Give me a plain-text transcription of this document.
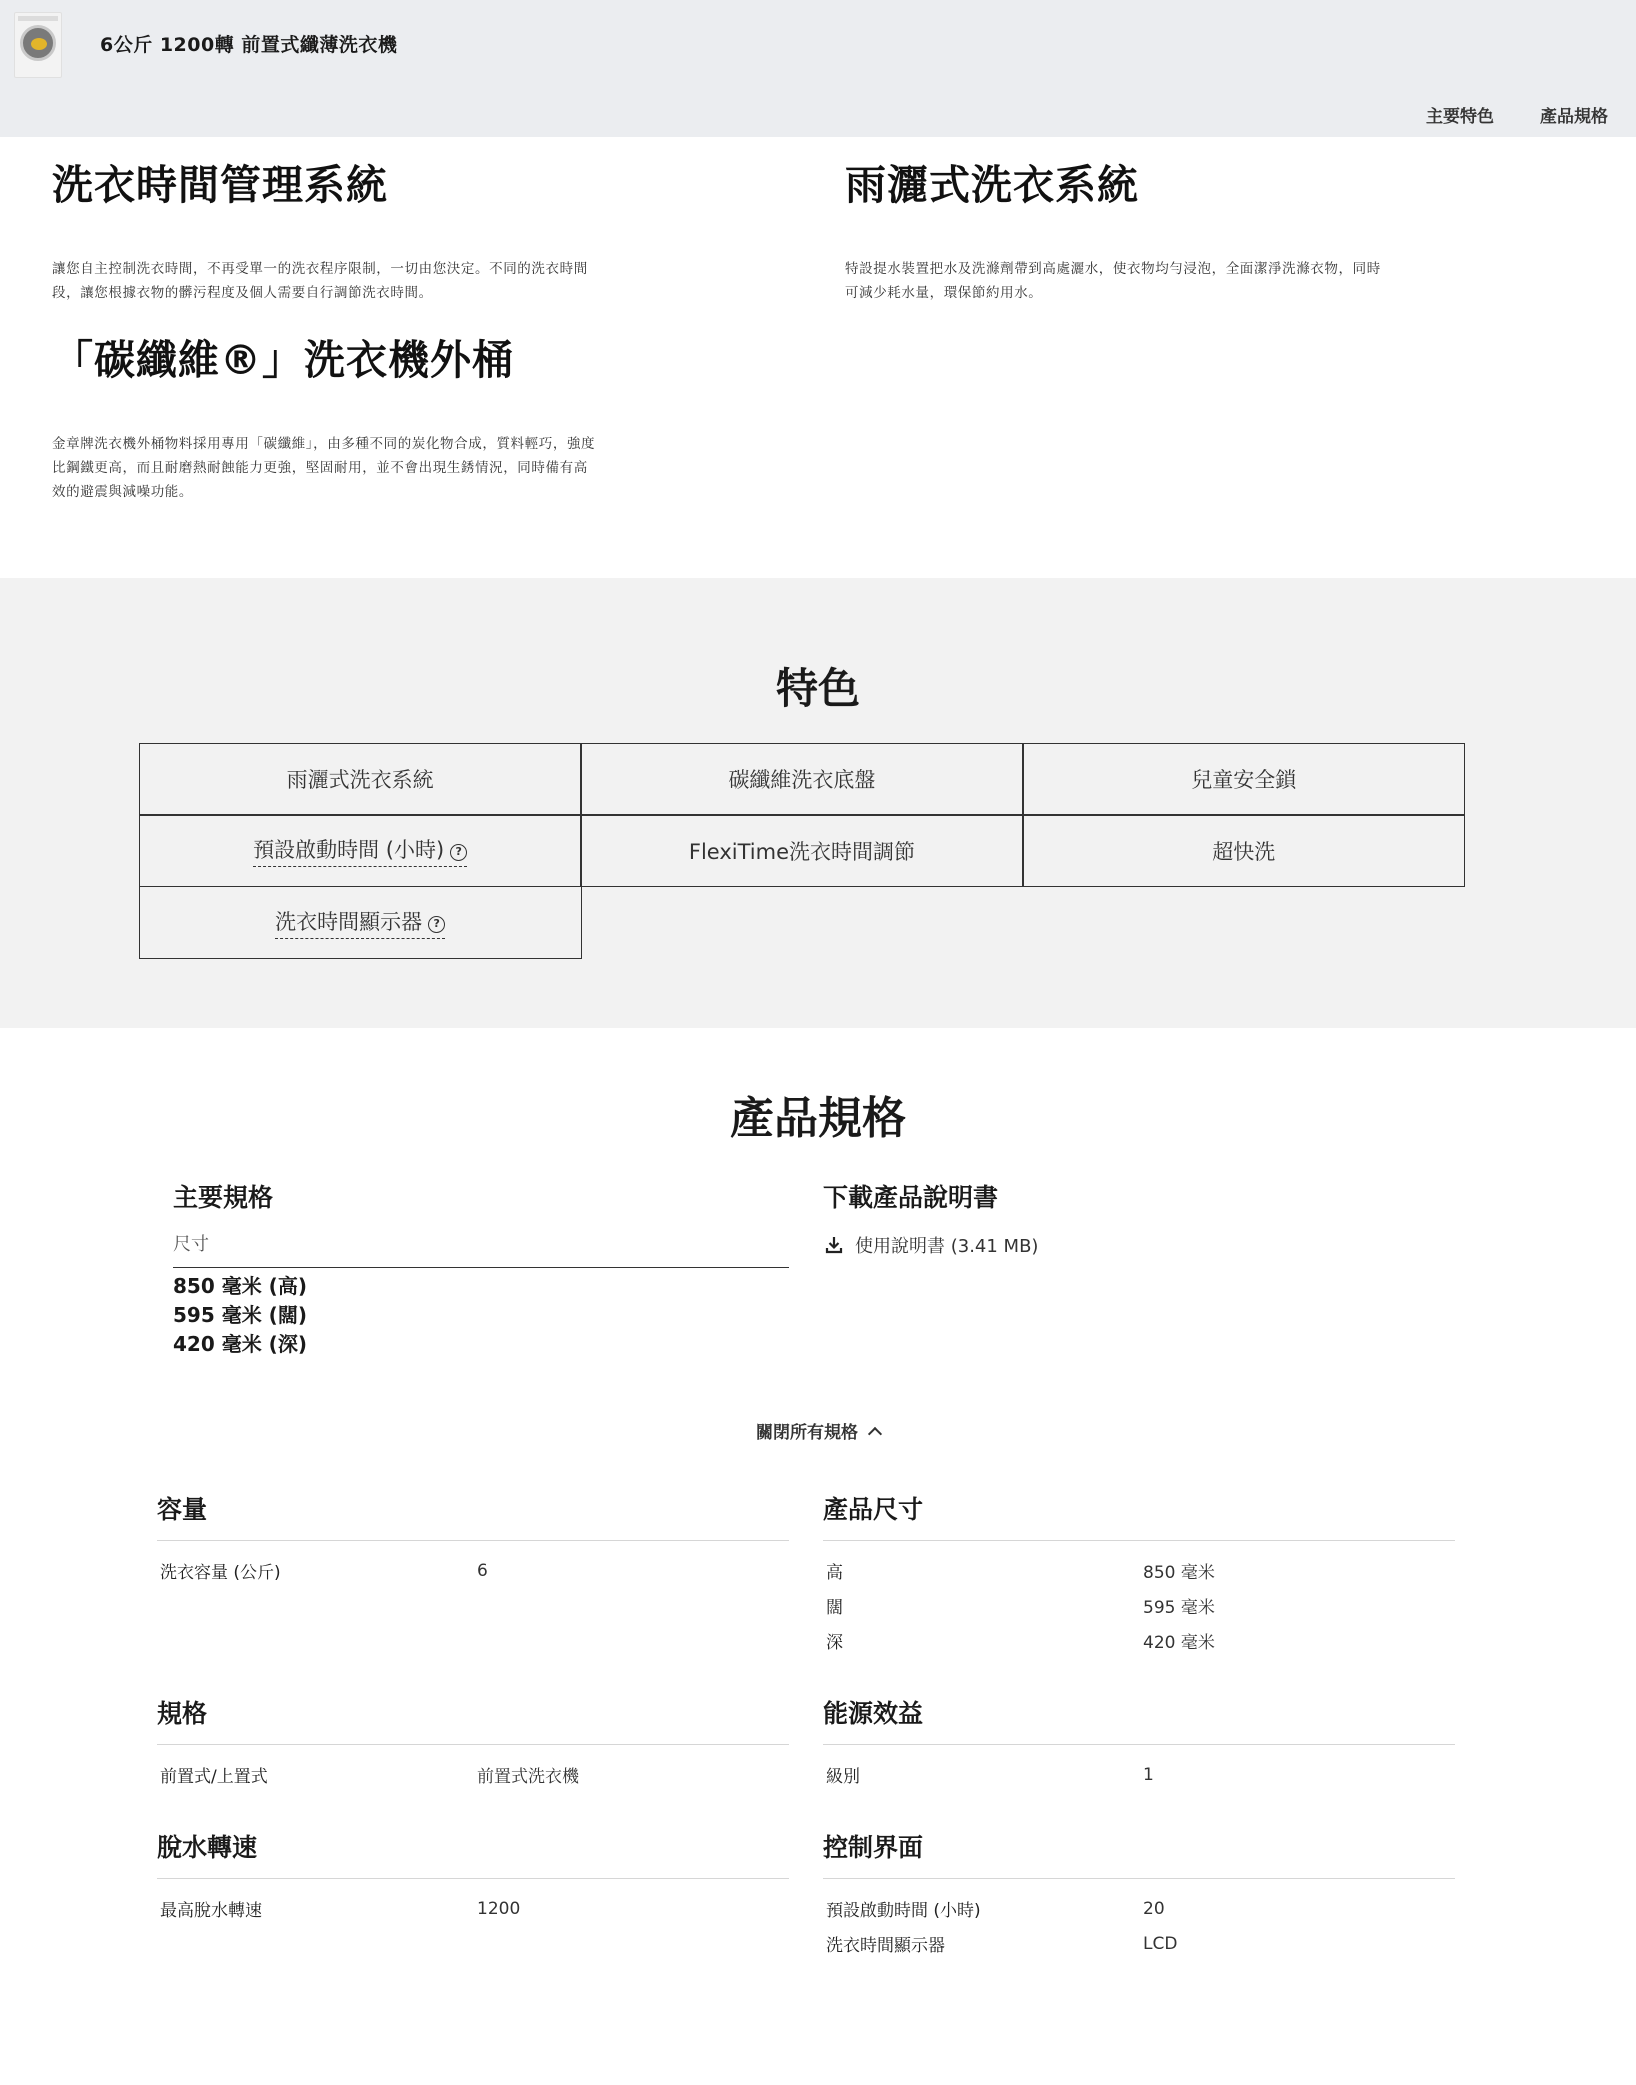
6公斤 1200轉 前置式纖薄洗衣機
主要特色	產品規格
洗衣時間管理系統

讓您自主控制洗衣時間，不再受單一的洗衣程序限制，一切由您決定。不同的洗衣時間段，讓您根據衣物的髒污程度及個人需要自行調節洗衣時間。

雨灑式洗衣系統

特設提水裝置把水及洗滌劑帶到高處灑水，使衣物均勻浸泡，全面潔淨洗滌衣物，同時可減少耗水量，環保節約用水。

「碳纖維®」洗衣機外桶

金章牌洗衣機外桶物料採用專用「碳纖維」，由多種不同的炭化物合成，質料輕巧，強度比鋼鐵更高，而且耐磨熱耐蝕能力更強，堅固耐用，並不會出現生銹情況，同時備有高效的避震與減噪功能。

特色
雨灑式洗衣系統	碳纖維洗衣底盤	兒童安全鎖
預設啟動時間 (小時) ?	FlexiTime洗衣時間調節	超快洗
洗衣時間顯示器 ?
產品規格
主要規格
尺寸
850 毫米 (高)
595 毫米 (闊)
420 毫米 (深)
下載產品說明書
使用說明書 (3.41 MB)
關閉所有規格
容量
洗衣容量 (公斤)	6
產品尺寸
高	850 毫米
闊	595 毫米
深	420 毫米
規格
前置式/上置式	前置式洗衣機
能源效益
級別	1
脫水轉速
最高脫水轉速	1200
控制界面
預設啟動時間 (小時)	20
洗衣時間顯示器	LCD
